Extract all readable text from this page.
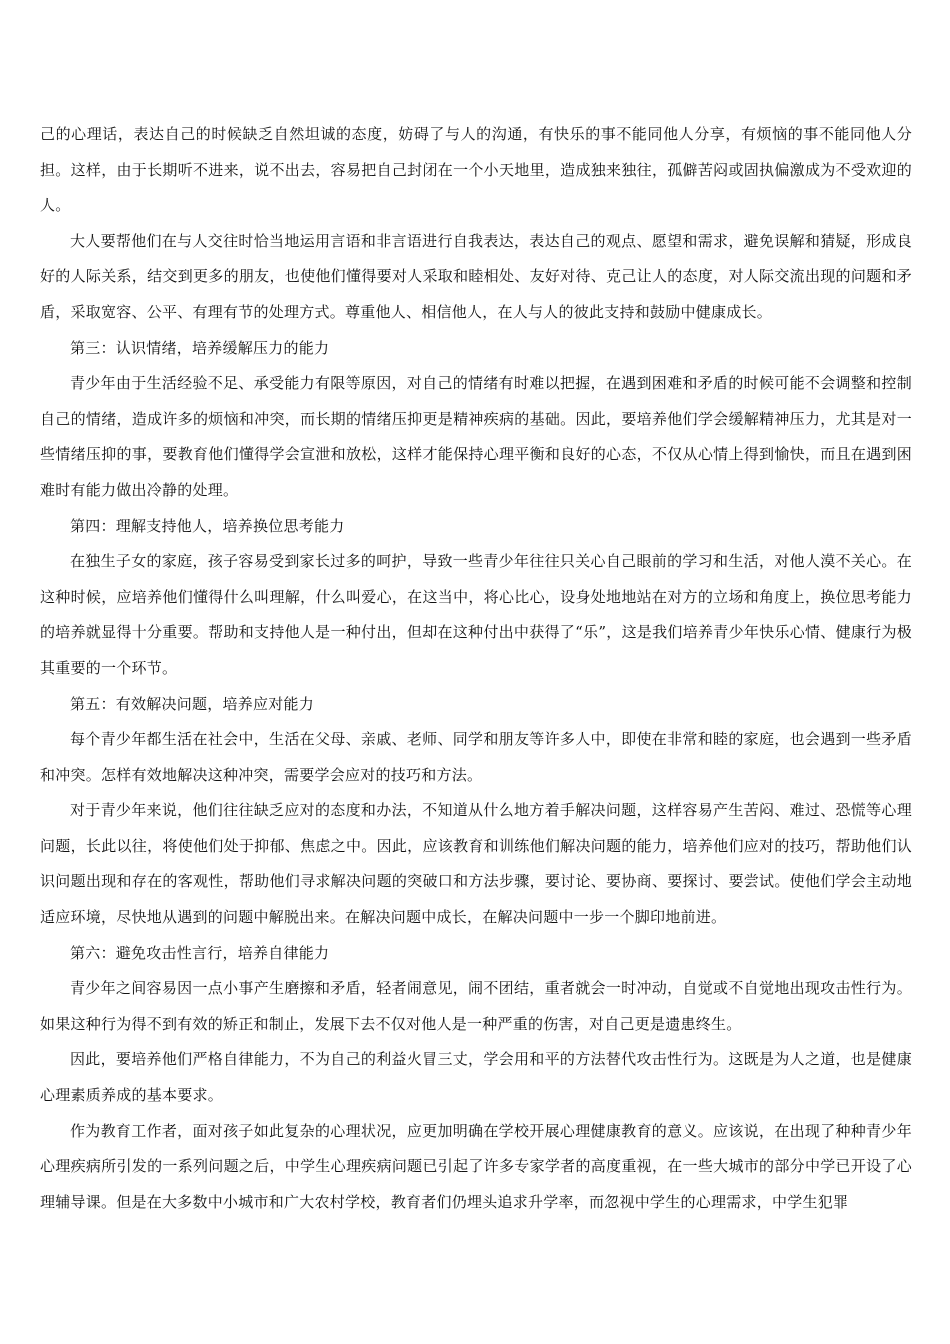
己的心理话，表达自己的时候缺乏自然坦诚的态度，妨碍了与人的沟通，有快乐的事不能同他人分享，有烦恼的事不能同他人分担。这样，由于长期听不进来，说不出去，容易把自己封闭在一个小天地里，造成独来独往，孤僻苦闷或固执偏激成为不受欢迎的人。

大人要帮他们在与人交往时恰当地运用言语和非言语进行自我表达，表达自己的观点、愿望和需求，避免误解和猜疑，形成良好的人际关系，结交到更多的朋友，也使他们懂得要对人采取和睦相处、友好对待、克己让人的态度，对人际交流出现的问题和矛盾，采取宽容、公平、有理有节的处理方式。尊重他人、相信他人，在人与人的彼此支持和鼓励中健康成长。

第三：认识情绪，培养缓解压力的能力

青少年由于生活经验不足、承受能力有限等原因，对自己的情绪有时难以把握，在遇到困难和矛盾的时候可能不会调整和控制自己的情绪，造成许多的烦恼和冲突，而长期的情绪压抑更是精神疾病的基础。因此，要培养他们学会缓解精神压力，尤其是对一些情绪压抑的事，要教育他们懂得学会宣泄和放松，这样才能保持心理平衡和良好的心态，不仅从心情上得到愉快，而且在遇到困难时有能力做出冷静的处理。

第四：理解支持他人，培养换位思考能力

在独生子女的家庭，孩子容易受到家长过多的呵护，导致一些青少年往往只关心自己眼前的学习和生活，对他人漠不关心。在这种时候，应培养他们懂得什么叫理解，什么叫爱心，在这当中，将心比心，设身处地地站在对方的立场和角度上，换位思考能力的培养就显得十分重要。帮助和支持他人是一种付出，但却在这种付出中获得了“乐”，这是我们培养青少年快乐心情、健康行为极其重要的一个环节。

第五：有效解决问题，培养应对能力

每个青少年都生活在社会中，生活在父母、亲戚、老师、同学和朋友等许多人中，即使在非常和睦的家庭，也会遇到一些矛盾和冲突。怎样有效地解决这种冲突，需要学会应对的技巧和方法。

对于青少年来说，他们往往缺乏应对的态度和办法，不知道从什么地方着手解决问题，这样容易产生苦闷、难过、恐慌等心理问题，长此以往，将使他们处于抑郁、焦虑之中。因此，应该教育和训练他们解决问题的能力，培养他们应对的技巧，帮助他们认识问题出现和存在的客观性，帮助他们寻求解决问题的突破口和方法步骤，要讨论、要协商、要探讨、要尝试。使他们学会主动地适应环境，尽快地从遇到的问题中解脱出来。在解决问题中成长，在解决问题中一步一个脚印地前进。

第六：避免攻击性言行，培养自律能力

青少年之间容易因一点小事产生磨擦和矛盾，轻者闹意见，闹不团结，重者就会一时冲动，自觉或不自觉地出现攻击性行为。如果这种行为得不到有效的矫正和制止，发展下去不仅对他人是一种严重的伤害，对自己更是遗患终生。

因此，要培养他们严格自律能力，不为自己的利益火冒三丈，学会用和平的方法替代攻击性行为。这既是为人之道，也是健康心理素质养成的基本要求。

作为教育工作者，面对孩子如此复杂的心理状况，应更加明确在学校开展心理健康教育的意义。应该说，在出现了种种青少年心理疾病所引发的一系列问题之后，中学生心理疾病问题已引起了许多专家学者的高度重视，在一些大城市的部分中学已开设了心理辅导课。但是在大多数中小城市和广大农村学校，教育者们仍埋头追求升学率，而忽视中学生的心理需求，中学生犯罪
